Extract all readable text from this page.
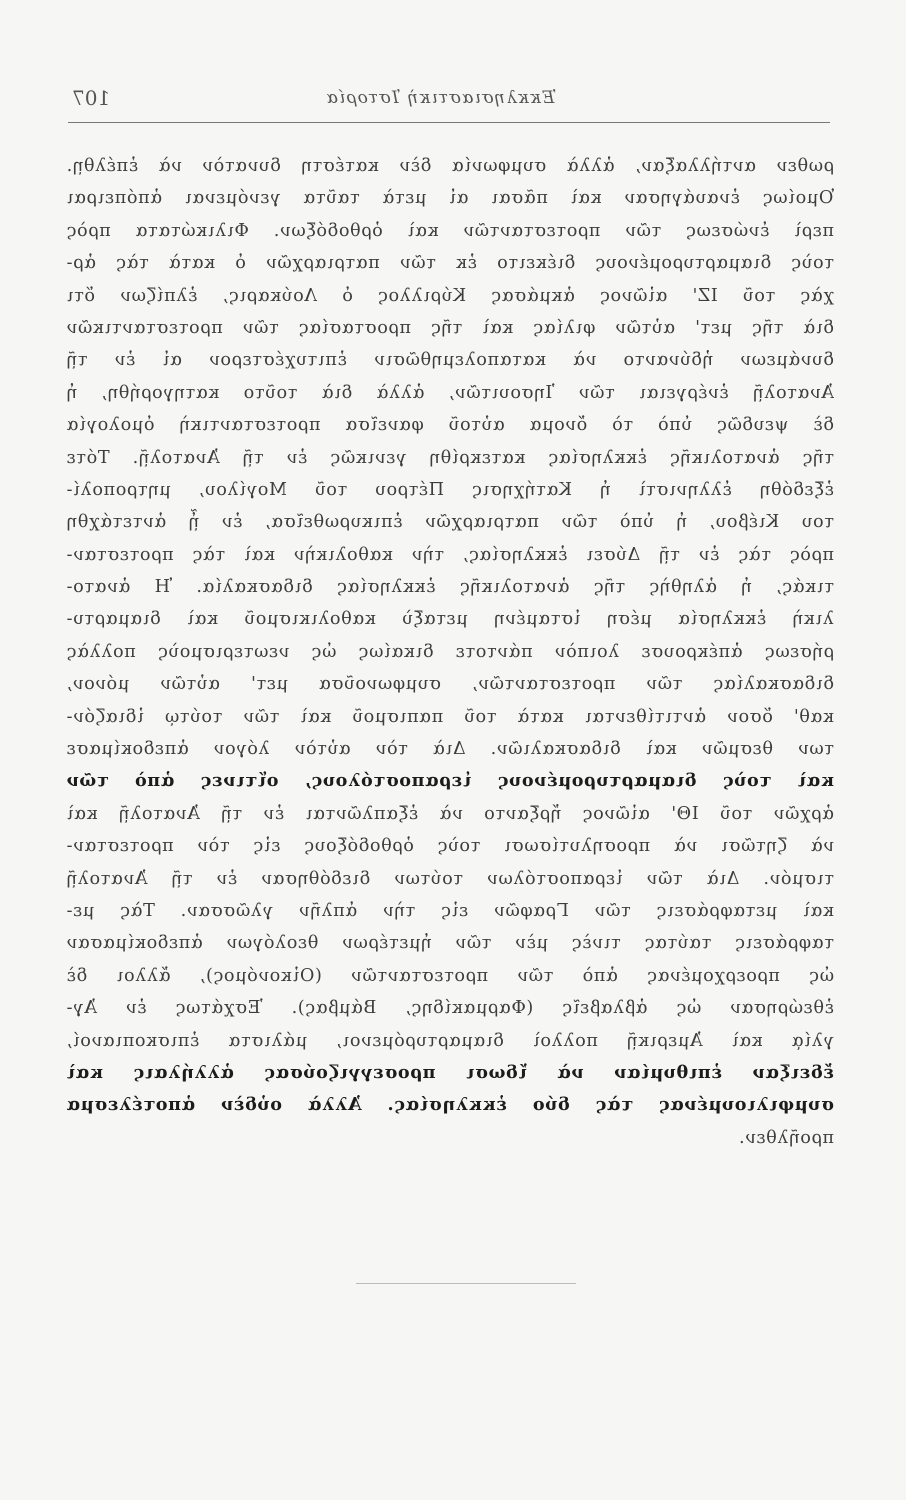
107	Ἐκκλησιαστικὴ Ἱστορία
ρωθεν αντήλλαξαν, ἀλλὰ συμφωνία δὲν κατέστη δυνατὸν νὰ ἐπέλθῃ.
Ὁμοίως ἐναυάγησαν καὶ πᾶσαι αἱ μετὰ ταῦτα γενόμεναι ἀπόπειραι
περὶ ἑνώσεως τῶν προτεσταντῶν καὶ ὀρθοδόξων. Φιλικώτατα πρὸς
τοὺς διαμαρτυρομένους διέκειτο ἐκ τῶν πατριαρχῶν ὁ κατὰ τὰς ἀρ-
χὰς τοῦ ΙΖ' αἰῶνος ἀκμάσας Κύριλλος ὁ Λούκαρις, ἐλπίζων ὅτι
διὰ τῆς μετ' αὐτῶν φιλίας καὶ τῆς προστασίας τῶν προτεσταντικῶν
δυνάμεων ἠδύναντο νὰ καταπολεμηθῶσιν ἐπιτυχέστερον αἱ ἐν τῇ
Ἀνατολῇ ἐνέργειαι τῶν Ἰησουιτῶν, ἀλλὰ διὰ τοῦτο κατηγορήθη, ἡ
δὲ ψευδῶς ὑπὸ τὸ ὄνομα αὐτοῦ φανεῖσα προτεσταντικὴ ὁμολογία
τῆς ἀνατολικῆς ἐκκλησίας κατεκρίθη γενικῶς ἐν τῇ Ἀνατολῇ. Τότε
ἐξεδόθη ἑλληνιστὶ ἡ Κατήχησις Πέτρου τοῦ Μογίλου, μητροπολί-
του Κιέβου, ἡ ὑπὸ τῶν πατριαρχῶν ἐπικυρωθεῖσα, ἐν ᾗ ἀντετάχθη
πρὸς τὰς ἐν τῇ Δύσει ἐκκλησίας, τὴν καθολικὴν καὶ τὰς προτεσταν-
τικάς, ἡ ἀληθὴς τῆς ἀνατολικῆς ἐκκλησίας διδασκαλία. Ἡ ἀνατο-
λικὴ ἐκκλησία μέση ἱσταμένη μεταξὺ καθολικισμοῦ καὶ διαμαρτυ-
ρήσεως ἀπέκρουσε λοιπὸν πάντοτε δικαίως ὡς νεωτερισμοὺς πολλὰς
διδασκαλίας τῶν προτεσταντῶν, συμφωνοῦσα μετ' αὐτῶν μόνον,
καθ' ὅσον ἀντιτίθενται κατὰ τοῦ παπισμοῦ καὶ τῶν τούτῳ ἰδιαζόν-
των θεσμῶν καὶ διδασκαλιῶν. Διὰ τὸν αὐτὸν λόγον ἀπεδοκίμασε
καὶ τοὺς διαμαρτυρομένους ἱεραποστόλους, οἵτινες ἀπὸ τῶν
ἀρχῶν τοῦ ΙΘ' αἰῶνος ἤρξαντο νὰ ἐξαπλῶνται ἐν τῇ Ἀνατολῇ καὶ
νὰ ζητῶσι νὰ προσηλυτίσωσι τοὺς ὀρθοδόξους εἰς τὸν προτεσταν-
τισμόν. Διὰ τῶν ἱεραποστόλων τούτων διεδόθησαν ἐν τῇ Ἀνατολῇ
καὶ μεταφράσεις τῶν Γραφῶν εἰς τὴν ἁπλῆν γλῶσσαν. Τὰς με-
ταφράσεις ταύτας τινὲς μὲν τῶν ἡμετέρων θεολόγων ἀπεδοκίμασαν
ὡς προερχομένας ἀπὸ τῶν προτεσταντῶν (Οἰκονόμος), ἄλλοι δὲ
ἐθεώρησαν ὡς ἀβλαβεῖς (Φαρμακίδης, Βάμβας). Ἐσχάτως ἐν Ἀγ-
γλίᾳ καὶ Ἀμερικῇ πολλοὶ διαμαρτυρόμενοι, μάλιστα ἐπισκοπιανοί,
ἔδειξαν ἐπιθυμίαν νὰ ἴδωσι προσεγγιζούσας ἀλλήλαις καὶ
συμφιλιουμένας τὰς δύο ἐκκλησίας. Ἀλλὰ οὐδὲν ἀποτέλεσμα
προῆλθεν.
